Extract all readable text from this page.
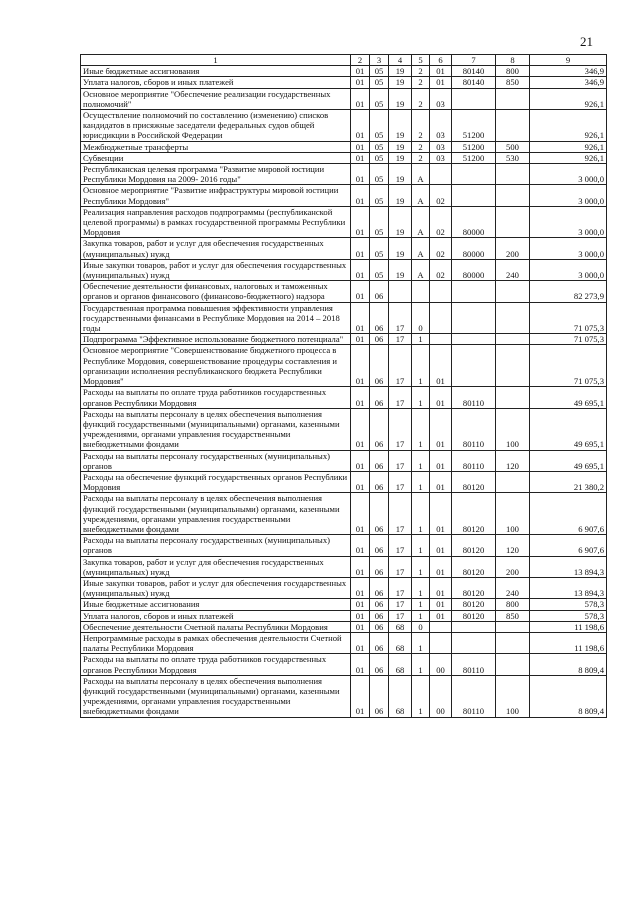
21
1	2	3	4	5	6	7	8	9
Иные бюджетные ассигнования	01	05	19	2	01	80140	800	346,9
Уплата налогов, сборов и иных платежей	01	05	19	2	01	80140	850	346,9
Основное мероприятие "Обеспечение реализации государственных полномочий"	01	05	19	2	03			926,1
Осуществление полномочий по составлению (изменению) списков кандидатов в присяжные заседатели федеральных судов общей юрисдикции в Российской Федерации	01	05	19	2	03	51200		926,1
Межбюджетные трансферты	01	05	19	2	03	51200	500	926,1
Субвенции	01	05	19	2	03	51200	530	926,1
Республиканская целевая программа "Развитие мировой юстиции Республики Мордовия на 2009- 2016 годы"	01	05	19	А				3 000,0
Основное мероприятие "Развитие инфраструктуры мировой юстиции Республики Мордовия"	01	05	19	А	02			3 000,0
Реализация направления расходов подпрограммы (республиканской целевой программы) в рамках государственной программы Республики Мордовия	01	05	19	А	02	80000		3 000,0
Закупка товаров, работ и услуг для обеспечения государственных (муниципальных) нужд	01	05	19	А	02	80000	200	3 000,0
Иные закупки товаров, работ и услуг для обеспечения государственных (муниципальных) нужд	01	05	19	А	02	80000	240	3 000,0
Обеспечение деятельности финансовых, налоговых и таможенных органов и органов финансового (финансово-бюджетного) надзора	01	06						82 273,9
Государственная программа повышения эффективности управления государственными финансами в Республике Мордовия на 2014 – 2018 годы	01	06	17	0				71 075,3
Подпрограмма "Эффективное использование бюджетного потенциала"	01	06	17	1				71 075,3
Основное мероприятие "Совершенствование бюджетного процесса в Республике Мордовия, совершенствование процедуры составления и организации исполнения республиканского бюджета Республики Мордовия"	01	06	17	1	01			71 075,3
Расходы на выплаты по оплате труда работников государственных органов Республики Мордовия	01	06	17	1	01	80110		49 695,1
Расходы на выплаты персоналу в целях обеспечения выполнения функций государственными (муниципальными) органами, казенными учреждениями, органами управления государственными внебюджетными фондами	01	06	17	1	01	80110	100	49 695,1
Расходы на выплаты персоналу государственных (муниципальных) органов	01	06	17	1	01	80110	120	49 695,1
Расходы на обеспечение функций государственных органов Республики Мордовия	01	06	17	1	01	80120		21 380,2
Расходы на выплаты персоналу в целях обеспечения выполнения функций государственными (муниципальными) органами, казенными учреждениями, органами управления государственными внебюджетными фондами	01	06	17	1	01	80120	100	6 907,6
Расходы на выплаты персоналу государственных (муниципальных) органов	01	06	17	1	01	80120	120	6 907,6
Закупка товаров, работ и услуг для обеспечения государственных (муниципальных) нужд	01	06	17	1	01	80120	200	13 894,3
Иные закупки товаров, работ и услуг для обеспечения государственных (муниципальных) нужд	01	06	17	1	01	80120	240	13 894,3
Иные бюджетные ассигнования	01	06	17	1	01	80120	800	578,3
Уплата налогов, сборов и иных платежей	01	06	17	1	01	80120	850	578,3
Обеспечение деятельности Счетной палаты Республики Мордовия	01	06	68	0				11 198,6
Непрограммные расходы в рамках обеспечения деятельности Счетной палаты Республики Мордовия	01	06	68	1				11 198,6
Расходы на выплаты по оплате труда работников государственных органов Республики Мордовия	01	06	68	1	00	80110		8 809,4
Расходы на выплаты персоналу в целях обеспечения выполнения функций государственными (муниципальными) органами, казенными учреждениями, органами управления государственными внебюджетными фондами	01	06	68	1	00	80110	100	8 809,4
